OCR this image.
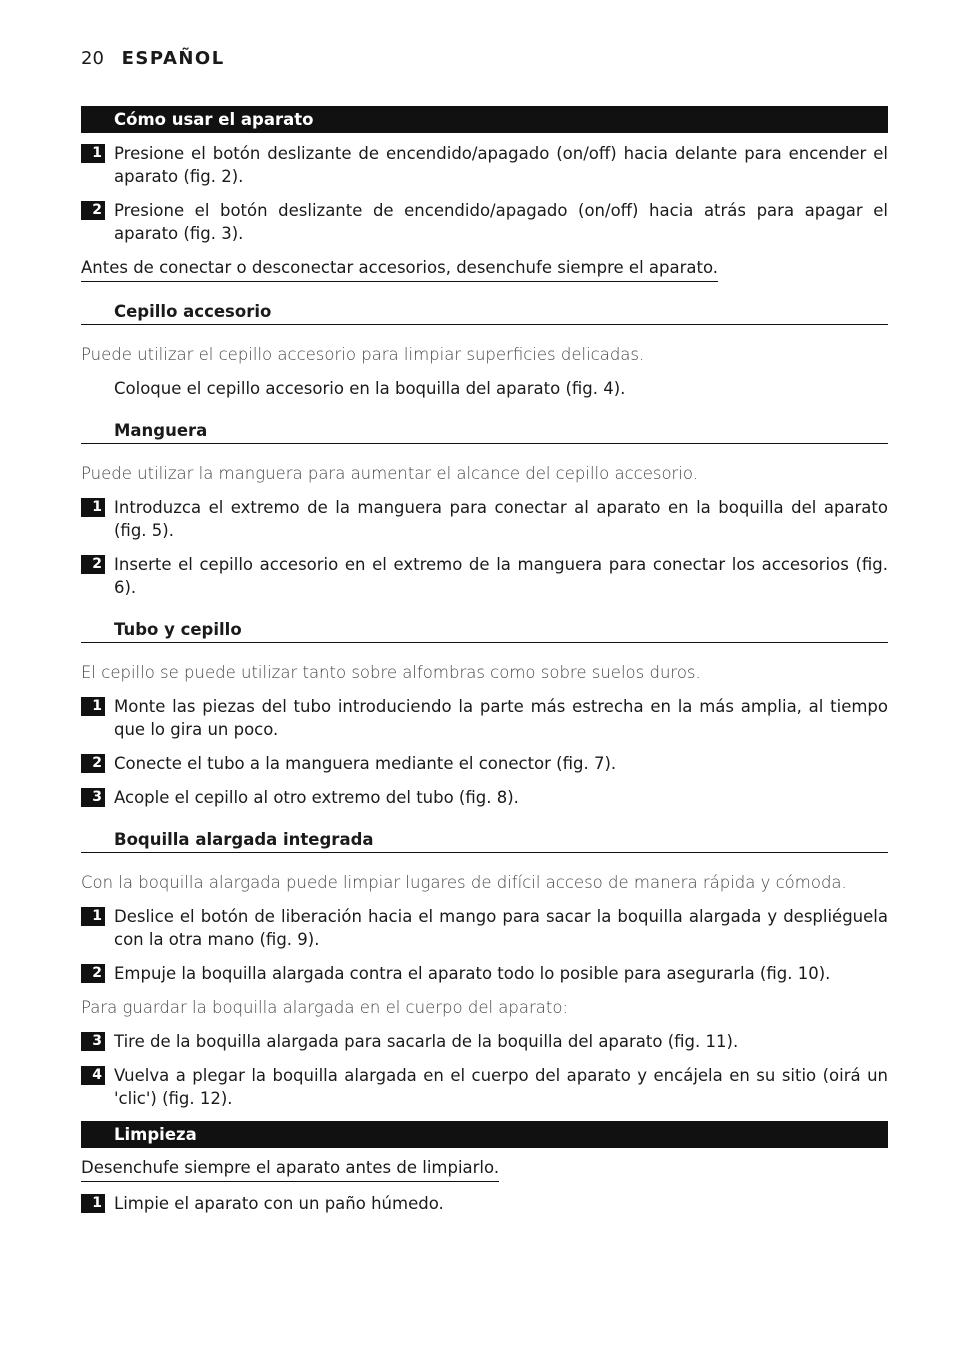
20 ESPAÑOL
Cómo usar el aparato
1 Presione el botón deslizante de encendido/apagado (on/off) hacia delante para encender el aparato (fig. 2).
2 Presione el botón deslizante de encendido/apagado (on/off) hacia atrás para apagar el aparato (fig. 3).
Antes de conectar o desconectar accesorios, desenchufe siempre el aparato.
Cepillo accesorio
Puede utilizar el cepillo accesorio para limpiar superficies delicadas.
Coloque el cepillo accesorio en la boquilla del aparato (fig. 4).
Manguera
Puede utilizar la manguera para aumentar el alcance del cepillo accesorio.
1 Introduzca el extremo de la manguera para conectar al aparato en la boquilla del aparato (fig. 5).
2 Inserte el cepillo accesorio en el extremo de la manguera para conectar los accesorios (fig. 6).
Tubo y cepillo
El cepillo se puede utilizar tanto sobre alfombras como sobre suelos duros.
1 Monte las piezas del tubo introduciendo la parte más estrecha en la más amplia, al tiempo que lo gira un poco.
2 Conecte el tubo a la manguera mediante el conector (fig. 7).
3 Acople el cepillo al otro extremo del tubo (fig. 8).
Boquilla alargada integrada
Con la boquilla alargada puede limpiar lugares de difícil acceso de manera rápida y cómoda.
1 Deslice el botón de liberación hacia el mango para sacar la boquilla alargada y despliéguela con la otra mano (fig. 9).
2 Empuje la boquilla alargada contra el aparato todo lo posible para asegurarla (fig. 10).
Para guardar la boquilla alargada en el cuerpo del aparato:
3 Tire de la boquilla alargada para sacarla de la boquilla del aparato (fig. 11).
4 Vuelva a plegar la boquilla alargada en el cuerpo del aparato y encájela en su sitio (oirá un 'clic') (fig. 12).
Limpieza
Desenchufe siempre el aparato antes de limpiarlo.
1 Limpie el aparato con un paño húmedo.
